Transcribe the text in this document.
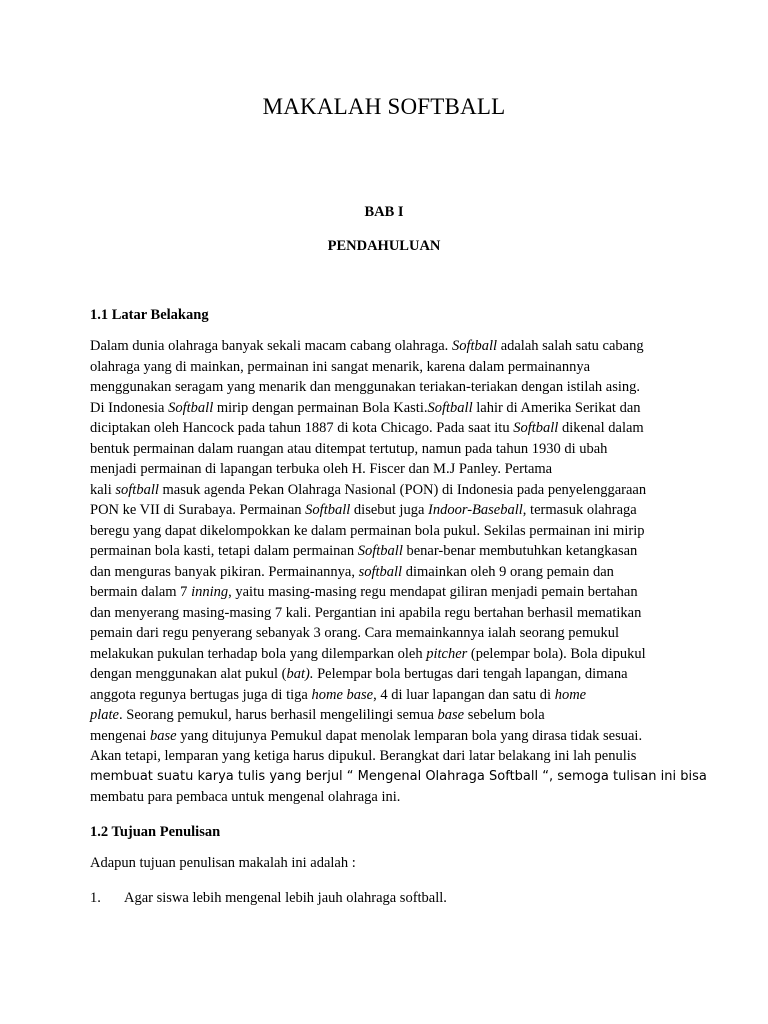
MAKALAH SOFTBALL
BAB I
PENDAHULUAN
1.1 Latar Belakang
Dalam dunia olahraga banyak sekali macam cabang olahraga. Softball adalah salah satu cabang
olahraga yang di mainkan, permainan ini sangat menarik, karena dalam permainannya
menggunakan seragam yang menarik dan menggunakan teriakan-teriakan dengan istilah asing.
Di Indonesia Softball mirip dengan permainan Bola Kasti.Softball lahir di Amerika Serikat dan
diciptakan oleh Hancock pada tahun 1887 di kota Chicago. Pada saat itu Softball dikenal dalam
bentuk permainan dalam ruangan atau ditempat tertutup, namun pada tahun 1930 di ubah
menjadi permainan di lapangan terbuka oleh H. Fiscer dan M.J Panley. Pertama
kali softball masuk agenda Pekan Olahraga Nasional (PON) di Indonesia pada penyelenggaraan
PON ke VII di Surabaya. Permainan Softball disebut juga Indoor-Baseball, termasuk olahraga
beregu yang dapat dikelompokkan ke dalam permainan bola pukul. Sekilas permainan ini mirip
permainan bola kasti, tetapi dalam permainan Softball benar-benar membutuhkan ketangkasan
dan menguras banyak pikiran. Permainannya, softball dimainkan oleh 9 orang pemain dan
bermain dalam 7 inning, yaitu masing-masing regu mendapat giliran menjadi pemain bertahan
dan menyerang masing-masing 7 kali. Pergantian ini apabila regu bertahan berhasil mematikan
pemain dari regu penyerang sebanyak 3 orang. Cara memainkannya ialah seorang pemukul
melakukan pukulan terhadap bola yang dilemparkan oleh pitcher (pelempar bola). Bola dipukul
dengan menggunakan alat pukul (bat). Pelempar bola bertugas dari tengah lapangan, dimana
anggota regunya bertugas juga di tiga home base, 4 di luar lapangan dan satu di home
plate. Seorang pemukul, harus berhasil mengelilingi semua base sebelum bola
mengenai base yang ditujunya Pemukul dapat menolak lemparan bola yang dirasa tidak sesuai.
Akan tetapi, lemparan yang ketiga harus dipukul. Berangkat dari latar belakang ini lah penulis
membuat suatu karya tulis yang berjul “ Mengenal Olahraga Softball “, semoga tulisan ini bisa
membatu para pembaca untuk mengenal olahraga ini.
1.2 Tujuan Penulisan
Adapun tujuan penulisan makalah ini adalah :
1. Agar siswa lebih mengenal lebih jauh olahraga softball.
